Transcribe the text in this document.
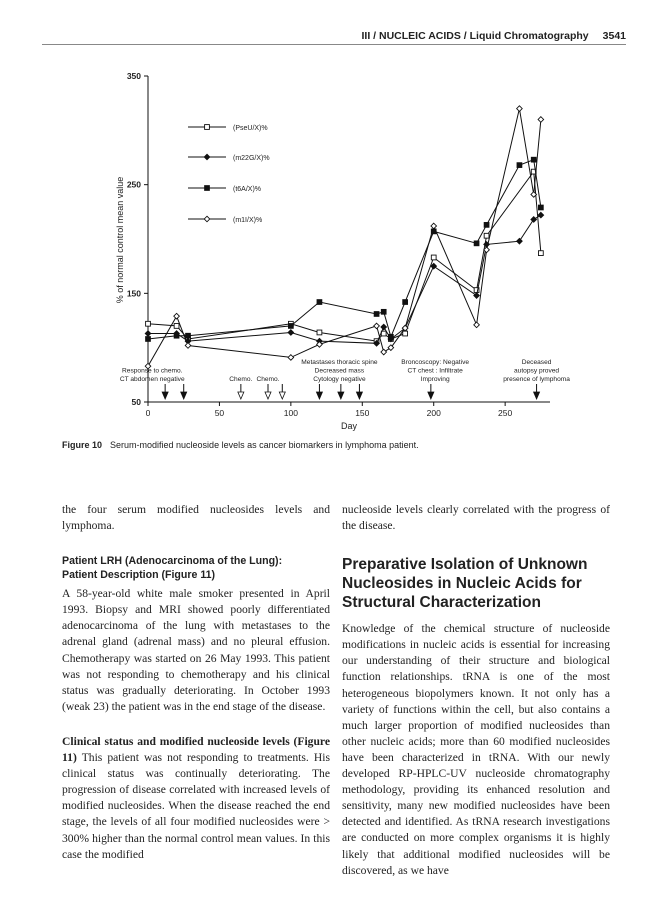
III / NUCLEIC ACIDS / Liquid Chromatography 3541
50
150
250
350
0	50	100	150	200	250
% of normal control mean value
Day
(PseU/X)%
(m22G/X)%
(t6A/X)%
(m1I/X)%
Response to chemo.
CT abdomen negative	Chemo. Chemo.
Metastases thoracic spine
Decreased mass
Cytology negative
Broncoscopy: Negative
CT chest : Infiltrate
Improving
Deceased
autopsy proved
presence of lymphoma
Figure 10 Serum-modified nucleoside levels as cancer biomarkers in lymphoma patient.

the four serum modified nucleosides levels and lymphoma.

Patient LRH (Adenocarcinoma of the Lung):
Patient Description (Figure 11)

A 58-year-old white male smoker presented in April 1993. Biopsy and MRI showed poorly differentiated adenocarcinoma of the lung with metastases to the adrenal gland (adrenal mass) and no pleural effusion. Chemotherapy was started on 26 May 1993. This patient was not responding to chemotherapy and his clinical status was gradually deteriorating. In October 1993 (weak 23) the patient was in the end stage of the disease.

Clinical status and modified nucleoside levels (Figure 11) This patient was not responding to treatments. His clinical status was continually deteriorating. The progression of disease correlated with increased levels of modified nucleosides. When the disease reached the end stage, the levels of all four modified nucleosides were > 300% higher than the normal control mean values. In this case the modified

nucleoside levels clearly correlated with the progress of the disease.

Preparative Isolation of Unknown Nucleosides in Nucleic Acids for Structural Characterization

Knowledge of the chemical structure of nucleoside modifications in nucleic acids is essential for increasing our understanding of their structure and biological function relationships. tRNA is one of the most heterogeneous biopolymers known. It not only has a variety of functions within the cell, but also contains a much larger proportion of modified nucleosides than other nucleic acids; more than 60 modified nucleosides have been characterized in tRNA. With our newly developed RP-HPLC-UV nucleoside chromatography methodology, providing its enhanced resolution and sensitivity, many new modified nucleosides have been detected and identified. As tRNA research investigations are conducted on more complex organisms it is highly likely that additional modified nucleosides will be discovered, as we have
